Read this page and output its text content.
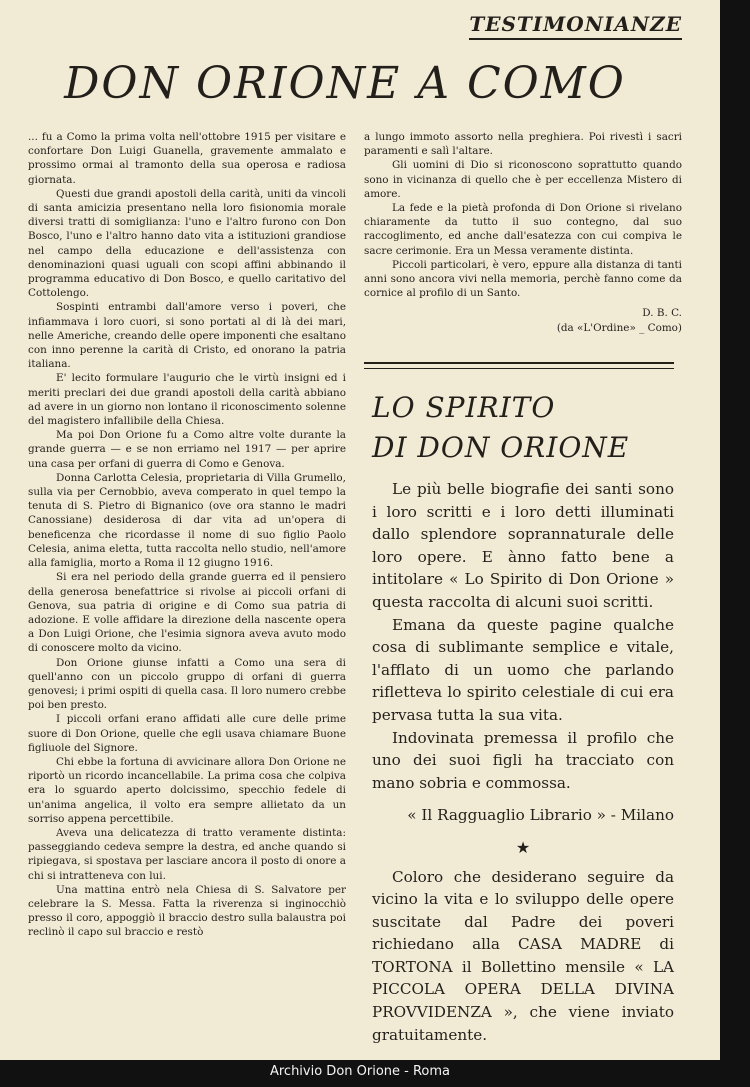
TESTIMONIANZE
DON ORIONE A COMO

... fu a Como la prima volta nell'ottobre 1915 per visitare e confortare Don Luigi Guanella, gravemente ammalato e prossimo ormai al tramonto della sua operosa e radiosa giornata.

Questi due grandi apostoli della carità, uniti da vincoli di santa amicizia presentano nella loro fisionomia morale diversi tratti di somiglianza: l'uno e l'altro furono con Don Bosco, l'uno e l'altro hanno dato vita a istituzioni grandiose nel campo della educazione e dell'assistenza con denominazioni quasi uguali con scopi affini abbinando il programma educativo di Don Bosco, e quello caritativo del Cottolengo.

Sospinti entrambi dall'amore verso i poveri, che infiammava i loro cuori, si sono portati al di là dei mari, nelle Americhe, creando delle opere imponenti che esaltano con inno perenne la carità di Cristo, ed onorano la patria italiana.

E' lecito formulare l'augurio che le virtù insigni ed i meriti preclari dei due grandi apostoli della carità abbiano ad avere in un giorno non lontano il riconoscimento solenne del magistero infallibile della Chiesa.

Ma poi Don Orione fu a Como altre volte durante la grande guerra — e se non erriamo nel 1917 — per aprire una casa per orfani di guerra di Como e Genova.

Donna Carlotta Celesia, proprietaria di Villa Grumello, sulla via per Cernobbio, aveva comperato in quel tempo la tenuta di S. Pietro di Bignanico (ove ora stanno le madri Canossiane) desiderosa di dar vita ad un'opera di beneficenza che ricordasse il nome di suo figlio Paolo Celesia, anima eletta, tutta raccolta nello studio, nell'amore alla famiglia, morto a Roma il 12 giugno 1916.

Si era nel periodo della grande guerra ed il pensiero della generosa benefattrice si rivolse ai piccoli orfani di Genova, sua patria di origine e di Como sua patria di adozione. E volle affidare la direzione della nascente opera a Don Luigi Orione, che l'esimia signora aveva avuto modo di conoscere molto da vicino.

Don Orione giunse infatti a Como una sera di quell'anno con un piccolo gruppo di orfani di guerra genovesi; i primi ospiti di quella casa. Il loro numero crebbe poi ben presto.

I piccoli orfani erano affidati alle cure delle prime suore di Don Orione, quelle che egli usava chiamare Buone figliuole del Signore.

Chi ebbe la fortuna di avvicinare allora Don Orione ne riportò un ricordo incancellabile. La prima cosa che colpiva era lo sguardo aperto dolcissimo, specchio fedele di un'anima angelica, il volto era sempre allietato da un sorriso appena percettibile.

Aveva una delicatezza di tratto veramente distinta: passeggiando cedeva sempre la destra, ed anche quando si ripiegava, si spostava per lasciare ancora il posto di onore a chi si intratteneva con lui.

Una mattina entrò nela Chiesa di S. Salvatore per celebrare la S. Messa. Fatta la riverenza si inginocchiò presso il coro, appoggiò il braccio destro sulla balaustra poi reclinò il capo sul braccio e restò

a lungo immoto assorto nella preghiera. Poi rivestì i sacri paramenti e salì l'altare.

Gli uomini di Dio si riconoscono soprattutto quando sono in vicinanza di quello che è per eccellenza Mistero di amore.

La fede e la pietà profonda di Don Orione si rivelano chiaramente da tutto il suo contegno, dal suo raccoglimento, ed anche dall'esatezza con cui compiva le sacre cerimonie. Era un Messa veramente distinta.

Piccoli particolari, è vero, eppure alla distanza di tanti anni sono ancora vivi nella memoria, perchè fanno come da cornice al profilo di un Santo.

D. B. C.
(da «L'Ordine» _ Como)
LO SPIRITO
DI DON ORIONE

Le più belle biografie dei santi sono i loro scritti e i loro detti illuminati dallo splendore soprannaturale delle loro opere. E ànno fatto bene a intitolare « Lo Spirito di Don Orione » questa raccolta di alcuni suoi scritti.

Emana da queste pagine qualche cosa di sublimante semplice e vitale, l'afflato di un uomo che parlando rifletteva lo spirito celestiale di cui era pervasa tutta la sua vita.

Indovinata premessa il profilo che uno dei suoi figli ha tracciato con mano sobria e commossa.

« Il Ragguaglio Librario » - Milano
★

Coloro che desiderano seguire da vicino la vita e lo sviluppo delle opere suscitate dal Padre dei poveri richiedano alla CASA MADRE di TORTONA il Bollettino mensile « LA PICCOLA OPERA DELLA DIVINA PROVVIDENZA », che viene inviato gratuitamente.

Archivio Don Orione - Roma
